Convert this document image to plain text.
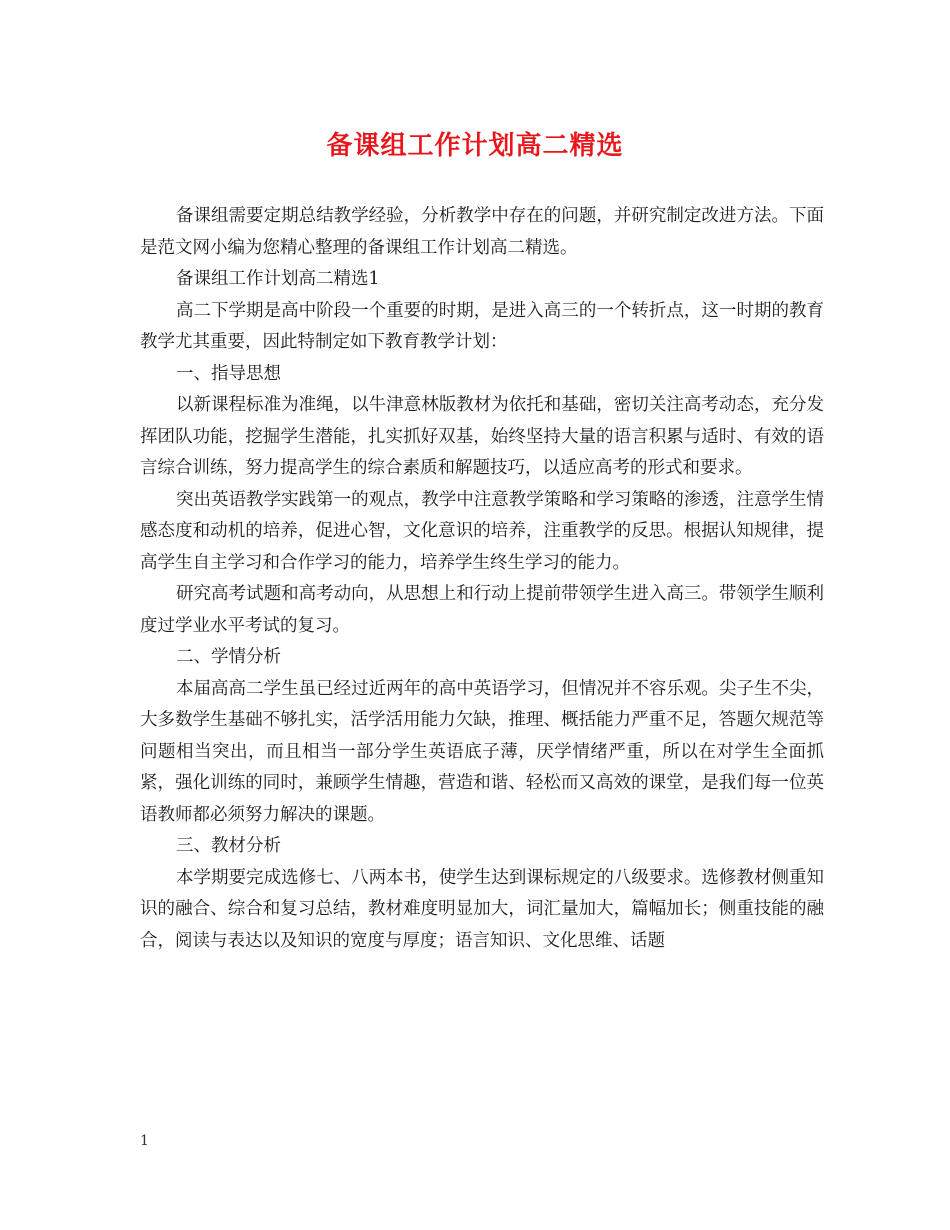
备课组工作计划高二精选

备课组需要定期总结教学经验，分析教学中存在的问题，并研究制定改进方法。下面是范文网小编为您精心整理的备课组工作计划高二精选。

备课组工作计划高二精选1

高二下学期是高中阶段一个重要的时期，是进入高三的一个转折点，这一时期的教育教学尤其重要，因此特制定如下教育教学计划：

一、指导思想

以新课程标准为准绳，以牛津意林版教材为依托和基础，密切关注高考动态，充分发挥团队功能，挖掘学生潜能，扎实抓好双基，始终坚持大量的语言积累与适时、有效的语言综合训练，努力提高学生的综合素质和解题技巧，以适应高考的形式和要求。

突出英语教学实践第一的观点，教学中注意教学策略和学习策略的渗透，注意学生情感态度和动机的培养，促进心智，文化意识的培养，注重教学的反思。根据认知规律，提高学生自主学习和合作学习的能力，培养学生终生学习的能力。

研究高考试题和高考动向，从思想上和行动上提前带领学生进入高三。带领学生顺利度过学业水平考试的复习。

二、学情分析

本届高高二学生虽已经过近两年的高中英语学习，但情况并不容乐观。尖子生不尖，大多数学生基础不够扎实，活学活用能力欠缺，推理、概括能力严重不足，答题欠规范等问题相当突出，而且相当一部分学生英语底子薄，厌学情绪严重，所以在对学生全面抓紧，强化训练的同时，兼顾学生情趣，营造和谐、轻松而又高效的课堂，是我们每一位英语教师都必须努力解决的课题。

三、教材分析

本学期要完成选修七、八两本书，使学生达到课标规定的八级要求。选修教材侧重知识的融合、综合和复习总结，教材难度明显加大，词汇量加大，篇幅加长；侧重技能的融合，阅读与表达以及知识的宽度与厚度；语言知识、文化思维、话题

1
